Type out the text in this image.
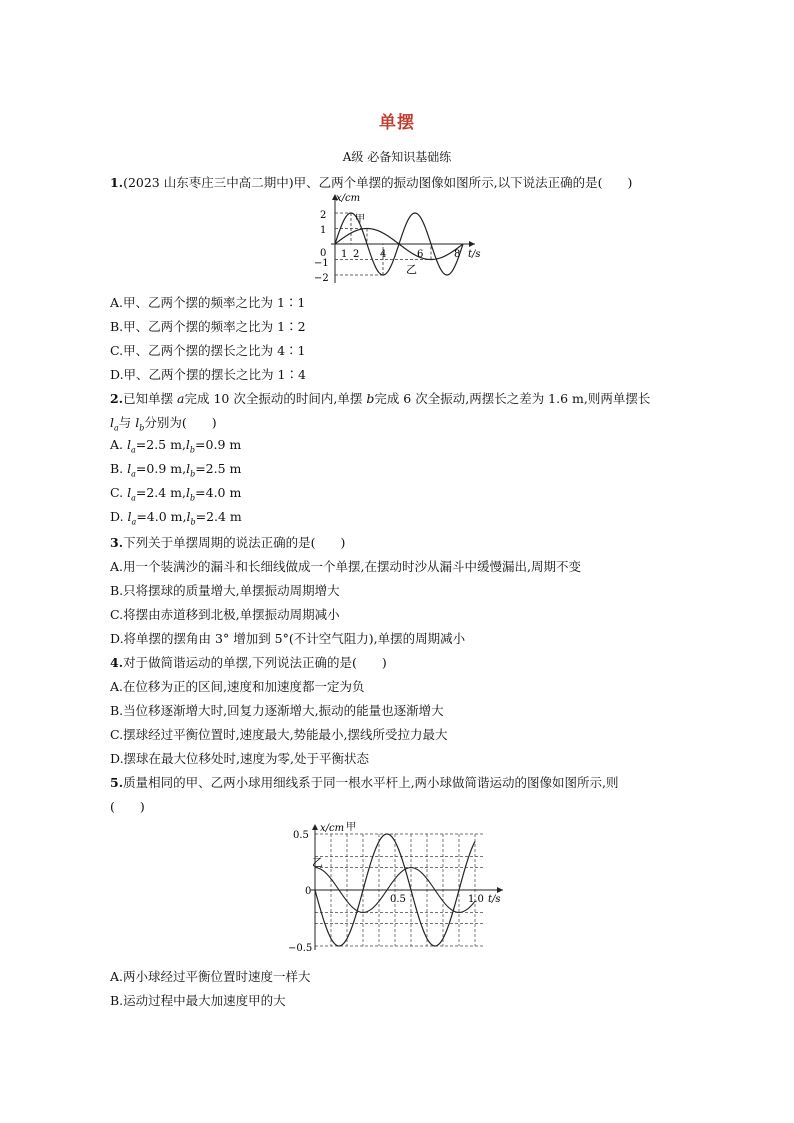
单摆
A级 必备知识基础练
1.(2023 山东枣庄三中高二期中)甲、乙两个单摆的振动图像如图所示,以下说法正确的是(　　)
x/cm
t/s
2
1
0
−1
−2
1 2 4	6	8
甲
乙
A.甲、乙两个摆的频率之比为 1∶1
B.甲、乙两个摆的频率之比为 1∶2
C.甲、乙两个摆的摆长之比为 4∶1
D.甲、乙两个摆的摆长之比为 1∶4
2.已知单摆 a完成 10 次全振动的时间内,单摆 b完成 6 次全振动,两摆长之差为 1.6 m,则两单摆长
$l_a$与 $l_b$分别为(　　)
A. $l_a=2.5$ $m,l_b=0.9$ m
B. $l_a=0.9$ $m,l_b=2.5$ m
C. $l_a=2.4$ $m,l_b=4.0$ m
D. $l_a=4.0$ $m,l_b=2.4$ m
3.下列关于单摆周期的说法正确的是(　　)
A.用一个装满沙的漏斗和长细线做成一个单摆,在摆动时沙从漏斗中缓慢漏出,周期不变
B.只将摆球的质量增大,单摆振动周期增大
C.将摆由赤道移到北极,单摆振动周期减小
D.将单摆的摆角由 3° 增加到 5°(不计空气阻力),单摆的周期减小
4.对于做简谐运动的单摆,下列说法正确的是(　　)
A.在位移为正的区间,速度和加速度都一定为负
B.当位移逐渐增大时,回复力逐渐增大,振动的能量也逐渐增大
C.摆球经过平衡位置时,速度最大,势能最小,摆线所受拉力最大
D.摆球在最大位移处时,速度为零,处于平衡状态
5.质量相同的甲、乙两小球用细线系于同一根水平杆上,两小球做简谐运动的图像如图所示,则
(　　)
x/cm
t/s
0.5
0
−0.5
0.5	1.0
甲
乙
A.两小球经过平衡位置时速度一样大
B.运动过程中最大加速度甲的大
